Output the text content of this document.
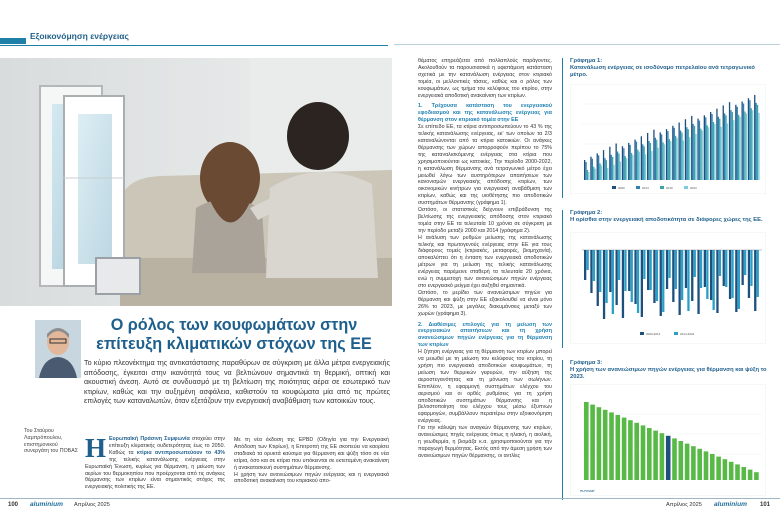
Εξοικονόμηση ενέργειας
Ο ρόλος των κουφωμάτων στην επίτευξη κλιματικών στόχων της ΕΕ
Του Σταύρου Λαμπρόπουλου, επιστημονικού συνεργάτη του ΠΟΒΑΣ
Το κύριο πλεονέκτημα της αντικατάστασης παραθύρων σε σύγκριση με άλλα μέτρα ενεργειακής απόδοσης, έγκειται στην ικανότητά τους να βελτιώνουν σημαντικά τη θερμική, οπτική και ακουστική άνεση. Αυτό σε συνδυασμό με τη βελτίωση της ποιότητας αέρα σε εσωτερικό των κτιρίων, καθώς και την αυξημένη ασφάλεια, καθιστούν τα κουφώματα μία από τις πρώτες επιλογές των καταναλωτών, όταν εξετάζουν την ενεργειακή αναβάθμιση των κατοικιών τους.
Η Ευρωπαϊκή Πράσινη Συμφωνία στοχεύει στην επίτευξη κλιματικής ουδετερότητας έως το 2050. Καθώς τα κτίρια αντιπροσωπεύουν το 43% της τελικής κατανάλωσης ενέργειας στην Ευρωπαϊκή Ένωση, κυρίως για θέρμανση, η μείωση των αερίων του θερμοκηπίου που προέρχονται από τις ανάγκες θέρμανσης των κτιρίων είναι σημαντικός στόχος της ενεργειακής πολιτικής της ΕΕ.
Με τη νέα έκδοση της EPBD (Οδηγία για την Ενεργειακή Απόδοση των Κτιρίων), η Επιτροπή της ΕΕ σκοπεύει να καορίσει σταδιακά τα ορυκτά καύσιμα για θέρμανση και ψύξη τόσο σε νέα κτίρια, όσο και σε κτίρια που υπόκεινται σε εκτεταμένη ανακαίνιση ή ανακατασκευή συστημάτων θέρμανσης.
Η χρήση των ανανεώσιμων πηγών ενέργειας και η ενεργειακά αποδοτική ανακαίνιση του κτιριακού απο-

θέματος επηρεάζεται από πολλαπλούς παράγοντες. Ακολουθούν τα παρουσιασικά η υφιστάμενη κατάσταση σχετικά με την κατανάλωση ενέργειας στον κτιριακό τομέα, οι μελλοντικές τάσεις, καθώς και ο ρόλος των κουφωμάτων, ως τμήμα του κελύφους του κτιρίου, στην ενεργειακά αποδοτική ανακαίνιση των κτιρίων.

1. Τρέχουσα κατάσταση του ενεργειακού εφοδιασμού και της κατανάλωσης ενέργειας για θέρμανση στον κτιριακό τομέα στην ΕΕ

Σε επίπεδο ΕΕ, τα κτίρια αντιπροσωπεύουν το 43 % της τελικής κατανάλωσης ενέργειας, εκ' των οποίων τα 2/3 καταναλώνονται από τα κτίρια κατοικιών. Οι ανάγκες θέρμανσης των χώρων απορροφούν περίπου το 75% της καταναλισκόμενης ενέργειας στα κτίρια που χρησιμοποιούνται ως κατοικίες. Την περίοδο 2000-2022, η κατανάλωση θέρμανσης ανά τετραγωνικό μέτρο έχει μειωθεί λόγω των αυστηρότερων απαιτήσεων των κανονισμών ενεργειακής απόδοσης κτιρίων, των οικονομικών κινήτρων για ενεργειακή αναβάθμιση των κτιρίων, καθώς και της υιοθέτησης πιο αποδοτικών συστημάτων θέρμανσης (γράφημα 1).

Ωστόσο, οι στατιστικές δείχνουν επιβράδυνση της βελτίωσης της ενεργειακής απόδοσης στον κτιριακό τομέα στην ΕΕ τα τελευταία 10 χρόνια σε σύγκριση με την περίοδο μεταξύ 2000 και 2014 (γράφημα 2).

Η ανάλυση των ρυθμών μείωσης της κατανάλωσης τελικής και πρωτογενούς ενέργειας στην ΕΕ για τους διάφορους τομείς (κτιριακός, μεταφορές, βιομηχανία), αποκαλύπτει ότι η ένταση των ενεργειακά αποδοτικών μέτρων για τη μείωση της τελικής κατανάλωσης ενέργειας παρέμεινε σταθερή τα τελευταία 20 χρόνια, ενώ η συμμετοχή των ανανεώσιμων πηγών ενέργειας στο ενεργειακό μείγμα έχει αυξηθεί σημαντικά.

Ωστόσο, το μερίδιο των ανανεώσιμων πηγών για θέρμανση και ψύξη στην ΕΕ εξακολουθεί να είναι μόνο 26% το 2023, με μεγάλες διακυμάνσεις μεταξύ των χωρών (γράφημα 3).

2. Διαθέσιμες επιλογές για τη μείωση των ενεργειακών απαιτήσεων και τη χρήση ανανεώσιμων πηγών ενέργειας για τη θέρμανση των κτιρίων

Η ζήτηση ενέργειας για τη θέρμανση των κτιρίων μπορεί να μειωθεί με τη μείωση του κελύφους του κτιρίου, τη χρήση πιο ενεργειακά αποδοτικών κουφωμάτων, τη μείωση των θερμικών γεφυρών, την αύξηση της αεροστεγανότητας και τη μόνωση των σωλήνων. Επιπλέον, η εφαρμογή συστημάτων ελέγχου του αερισμού και οι ορθές ρυθμίσεις για τη χρήση αποδοτικών συστημάτων θέρμανσης και η βελτιστοποίηση του ελέγχου τους μέσω έξυπνων εφαρμογών, συμβάλλουν περαιτέρω στην εξοικονόμηση ενέργειας.

Για την κάλυψη των αναγκών θέρμανσης των κτιρίων, ανανεώσιμες πηγές ενέργειας όπως η ηλιακή, η αιολική, η γεωθερμία, η βιομάζα κ.α. χρησιμοποιούνται για την παραγωγή θερμότητας. Εκτός από την άμεση χρήση των ανανεώσιμων πηγών θέρμανσης, οι αντλίες

Γράφημα 1:
Κατανάλωση ενέργειας σε ισοδύναμο πετρελαίου ανά τετραγωνικό μέτρο.
2000	2014	2019	2023
Γράφημα 2:
Η ορίσθια στην ενεργειακή αποδοτικότητα σε διάφορες χώρες της ΕΕ.
2000-2014	2014-2022
Γράφημα 3:
Η χρήση των ανανεώσιμων πηγών ενέργειας για θέρμανση και ψύξη το 2023.
eurostat
100 aluminium Απρίλιος 2025	Απρίλιος 2025 aluminium 101
